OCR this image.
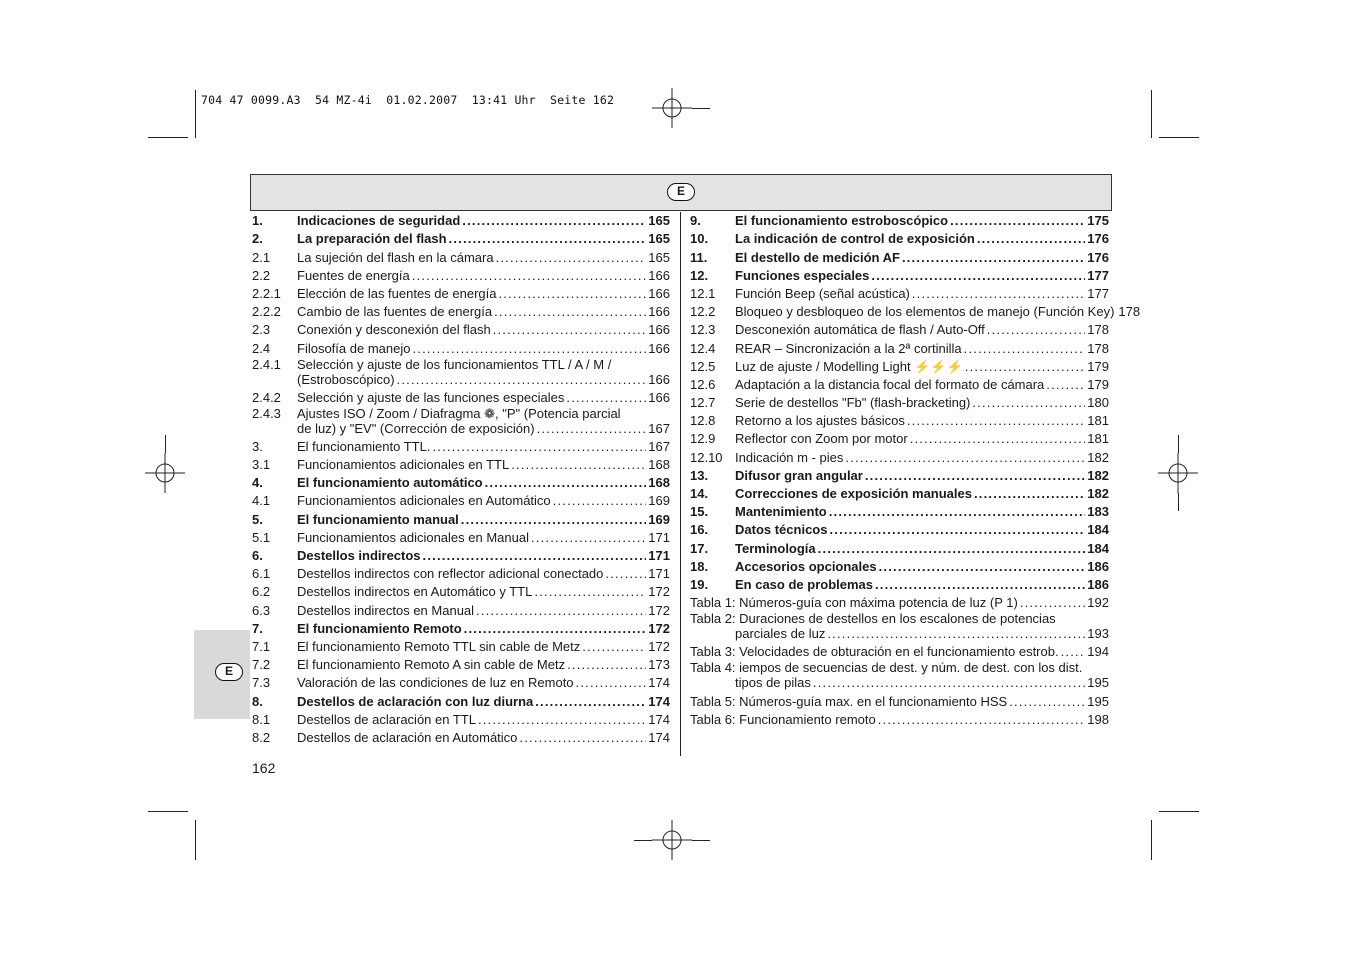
704 47 0099.A3  54 MZ-4i  01.02.2007  13:41 Uhr  Seite 162
E
E
1.	Indicaciones de seguridad .....	165
2.	La preparación del flash .....	165
2.1	La sujeción del flash en la cámara .....	165
2.2	Fuentes de energía .....	166
2.2.1	Elección de las fuentes de energía .....	166
2.2.2	Cambio de las fuentes de energía .....	166
2.3	Conexión y desconexión del flash .....	166
2.4	Filosofía de manejo .....	166
2.4.1	Selección y ajuste de los funcionamientos TTL / A / M /
(Estroboscópico) .....	166
2.4.2	Selección y ajuste de las funciones especiales .....	166
2.4.3	Ajustes ISO / Zoom / Diafragma ❁, "P" (Potencia parcial
de luz) y "EV" (Corrección de exposición) .....	167
3.	El funcionamiento TTL. .....	167
3.1	Funcionamientos adicionales en TTL .....	168
4.	El funcionamiento automático .....	168
4.1	Funcionamientos adicionales en Automático .....	169
5.	El funcionamiento manual .....	169
5.1	Funcionamientos adicionales en Manual .....	171
6.	Destellos indirectos .....	171
6.1	Destellos indirectos con reflector adicional conectado .....	171
6.2	Destellos indirectos en Automático y TTL .....	172
6.3	Destellos indirectos en Manual .....	172
7.	El funcionamiento Remoto .....	172
7.1	El funcionamiento Remoto TTL sin cable de Metz .....	172
7.2	El funcionamiento Remoto A sin cable de Metz .....	173
7.3	Valoración de las condiciones de luz en Remoto .....	174
8.	Destellos de aclaración con luz diurna .....	174
8.1	Destellos de aclaración en TTL .....	174
8.2	Destellos de aclaración en Automático .....	174
9.	El funcionamiento estroboscópico .....	175
10.	La indicación de control de exposición .....	176
11.	El destello de medición AF .....	176
12.	Funciones especiales .....	177
12.1	Función Beep (señal acústica) .....	177
12.2	Bloqueo y desbloqueo de los elementos de manejo (Función Key) 178
12.3	Desconexión automática de flash / Auto-Off .....	178
12.4	REAR – Sincronización a la 2ª cortinilla .....	178
12.5	Luz de ajuste / Modelling Light ⚡⚡⚡ .....	179
12.6	Adaptación a la distancia focal del formato de cámara .....	179
12.7	Serie de destellos "Fb" (flash-bracketing) .....	180
12.8	Retorno a los ajustes básicos .....	181
12.9	Reflector con Zoom por motor .....	181
12.10 Indicación m - pies .....	182
13.	Difusor gran angular .....	182
14.	Correcciones de exposición manuales .....	182
15.	Mantenimiento .....	183
16.	Datos técnicos .....	184
17.	Terminología .....	184
18.	Accesorios opcionales .....	186
19.	En caso de problemas .....	186
Tabla 1: Números-guía con máxima potencia de luz (P 1) .....	192
Tabla 2: Duraciones de destellos en los escalones de potencias
parciales de luz .....	193
Tabla 3: Velocidades de obturación en el funcionamiento estrob. ..... 194
Tabla 4: iempos de secuencias de dest. y núm. de dest. con los dist.
tipos de pilas .....	195
Tabla 5: Números-guía max. en el funcionamiento HSS .....	195
Tabla 6: Funcionamiento remoto .....	198
162
